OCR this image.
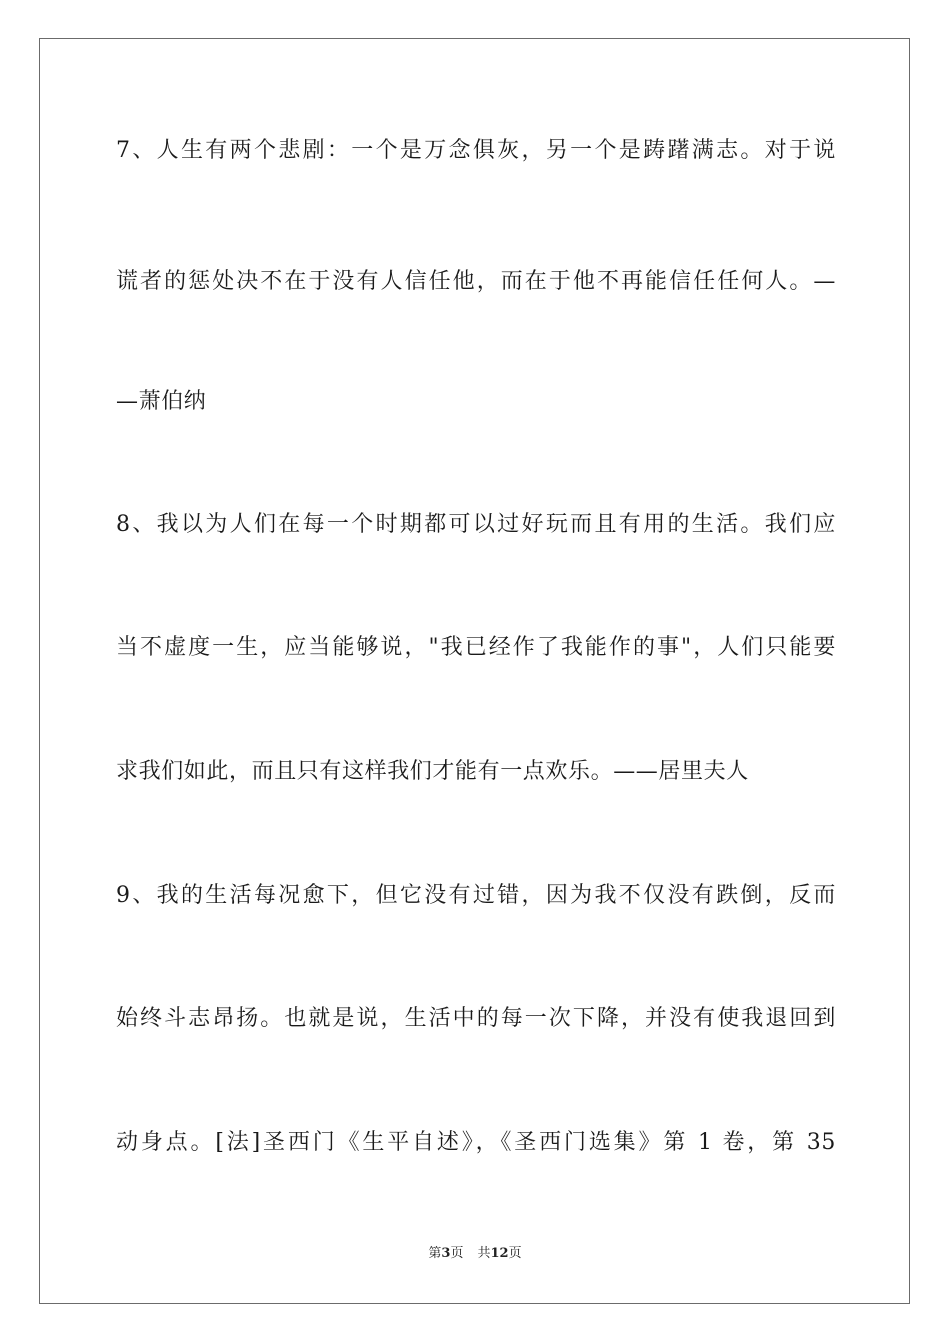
7、人生有两个悲剧：一个是万念俱灰，另一个是踌躇满志。对于说
谎者的惩处决不在于没有人信任他，而在于他不再能信任任何人。—
—萧伯纳
8、我以为人们在每一个时期都可以过好玩而且有用的生活。我们应
当不虚度一生，应当能够说，"我已经作了我能作的事"，人们只能要
求我们如此，而且只有这样我们才能有一点欢乐。——居里夫人
9、我的生活每况愈下，但它没有过错，因为我不仅没有跌倒，反而
始终斗志昂扬。也就是说，生活中的每一次下降，并没有使我退回到
动身点。[法]圣西门《生平自述》，《圣西门选集》第 1 卷，第 35
第3页 共12页
